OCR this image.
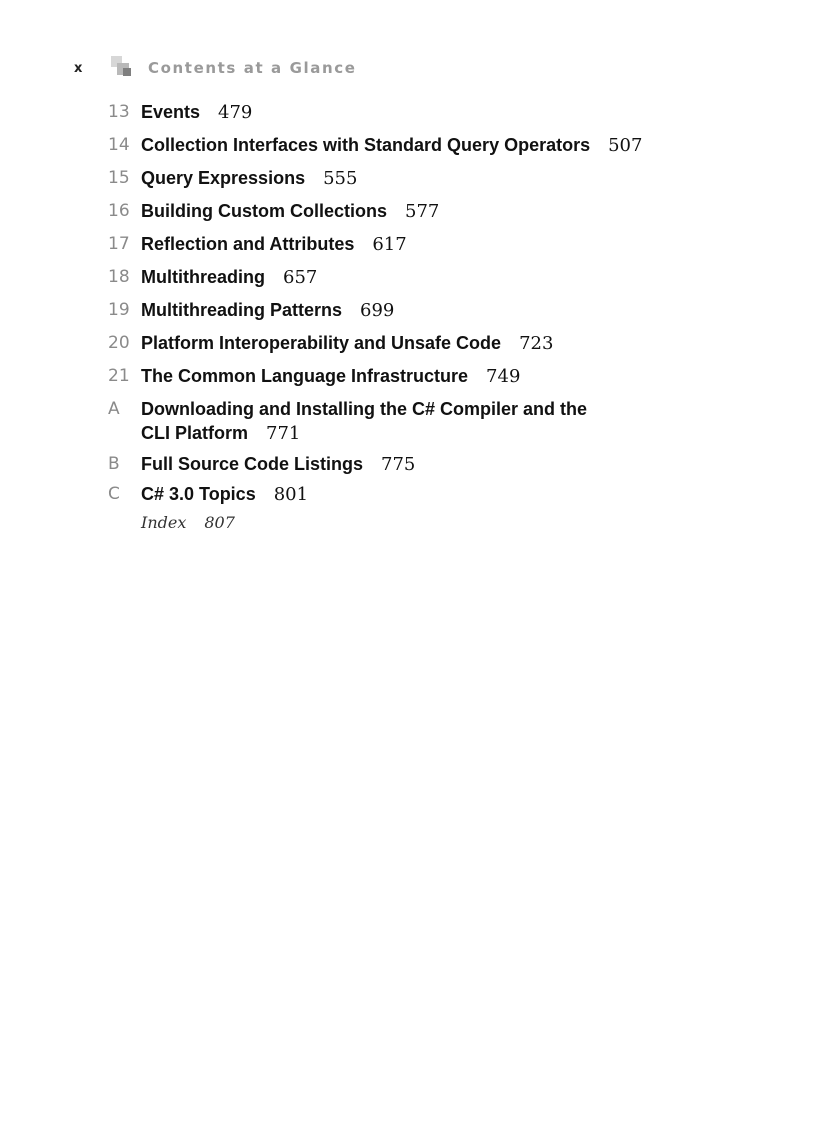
x	Contents at a Glance
13 Events 479
14 Collection Interfaces with Standard Query Operators 507
15 Query Expressions 555
16 Building Custom Collections 577
17 Reflection and Attributes 617
18 Multithreading 657
19 Multithreading Patterns 699
20 Platform Interoperability and Unsafe Code 723
21 The Common Language Infrastructure 749
A	Downloading and Installing the C# Compiler and the
CLI Platform 771
B	Full Source Code Listings 775
C	C# 3.0 Topics 801
Index 807
